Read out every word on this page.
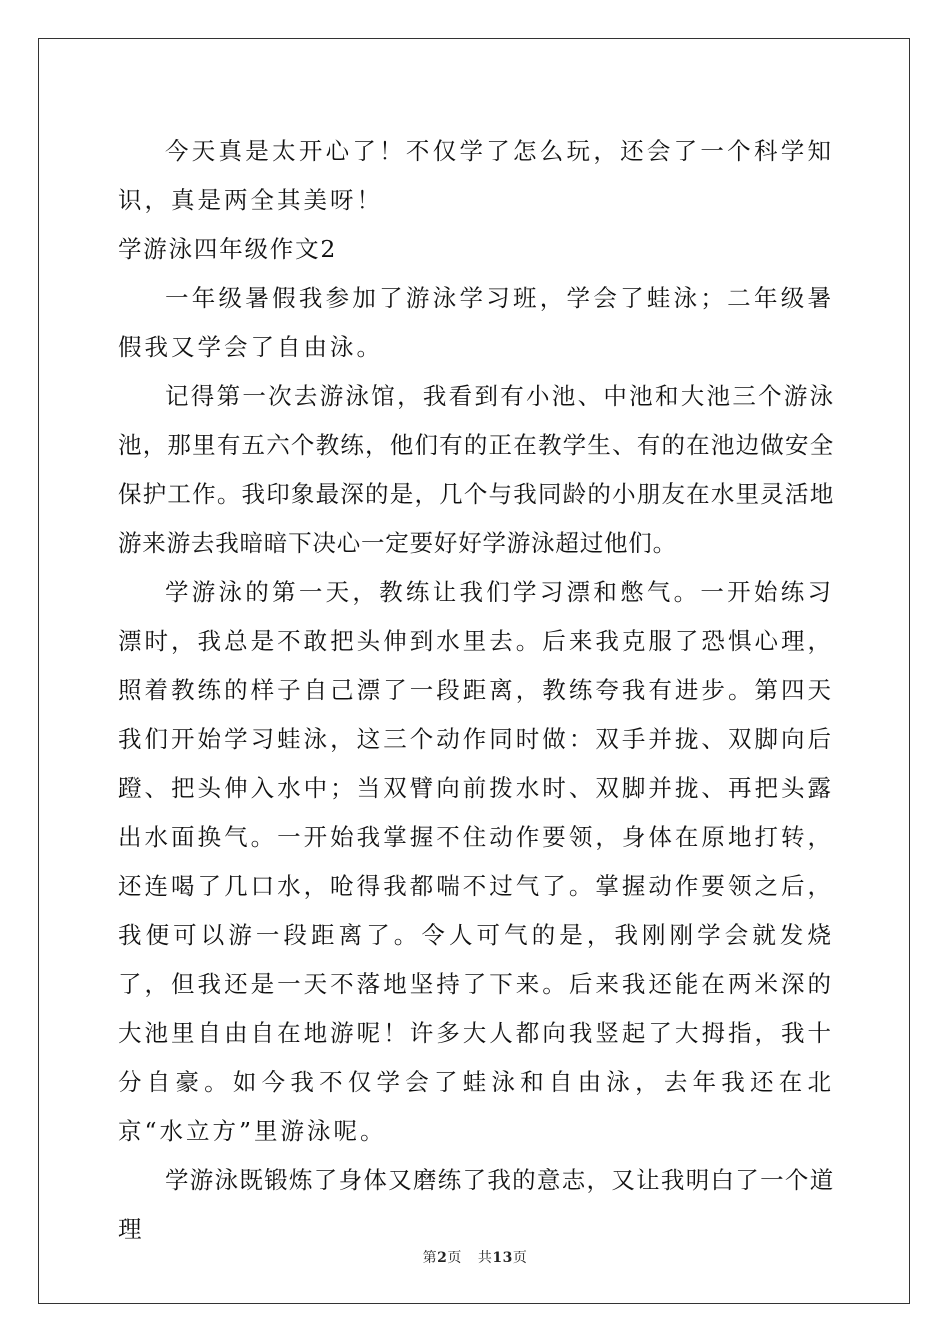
今天真是太开心了！不仅学了怎么玩，还会了一个科学知识，真是两全其美呀！

学游泳四年级作文2

一年级暑假我参加了游泳学习班，学会了蛙泳；二年级暑假我又学会了自由泳。

记得第一次去游泳馆，我看到有小池、中池和大池三个游泳池，那里有五六个教练，他们有的正在教学生、有的在池边做安全保护工作。我印象最深的是，几个与我同龄的小朋友在水里灵活地游来游去我暗暗下决心一定要好好学游泳超过他们。

学游泳的第一天，教练让我们学习漂和憋气。一开始练习漂时，我总是不敢把头伸到水里去。后来我克服了恐惧心理，照着教练的样子自己漂了一段距离，教练夸我有进步。第四天我们开始学习蛙泳，这三个动作同时做：双手并拢、双脚向后蹬、把头伸入水中；当双臂向前拨水时、双脚并拢、再把头露出水面换气。一开始我掌握不住动作要领，身体在原地打转，还连喝了几口水，呛得我都喘不过气了。掌握动作要领之后，我便可以游一段距离了。令人可气的是，我刚刚学会就发烧了，但我还是一天不落地坚持了下来。后来我还能在两米深的大池里自由自在地游呢！许多大人都向我竖起了大拇指，我十分自豪。如今我不仅学会了蛙泳和自由泳，去年我还在北京“水立方”里游泳呢。

学游泳既锻炼了身体又磨练了我的意志，又让我明白了一个道理

第2页 共13页
